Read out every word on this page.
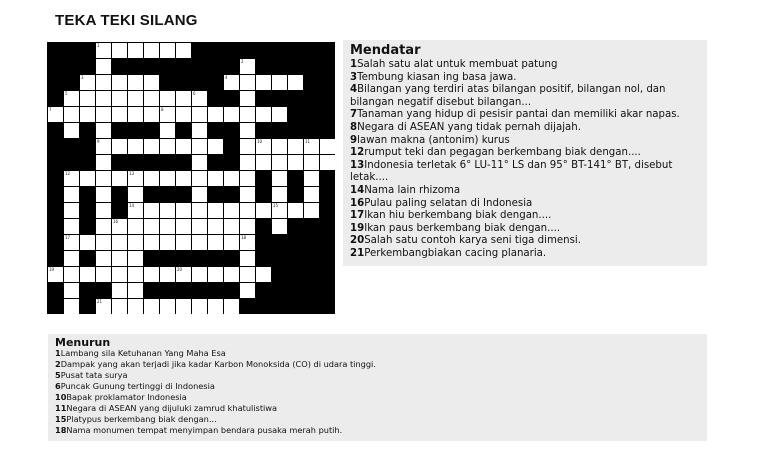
TEKA TEKI SILANG
1
2
3	4
5	6
7	8
9	10	11
12	13
14	15
16
17	18
19	20
21
Mendatar
1Salah satu alat untuk membuat patung
3Tembung kiasan ing basa jawa.
4Bilangan yang terdiri atas bilangan positif, bilangan nol, dan bilangan negatif disebut bilangan...
7Tanaman yang hidup di pesisir pantai dan memiliki akar napas.
8Negara di ASEAN yang tidak pernah dijajah.
9lawan makna (antonim) kurus
12rumput teki dan pegagan berkembang biak dengan....
13Indonesia terletak 6° LU-11° LS dan 95° BT-141° BT, disebut letak....
14Nama lain rhizoma
16Pulau paling selatan di Indonesia
17Ikan hiu berkembang biak dengan....
19Ikan paus berkembang biak dengan....
20Salah satu contoh karya seni tiga dimensi.
21Perkembangbiakan cacing planaria.
Menurun
1Lambang sila Ketuhanan Yang Maha Esa
2Dampak yang akan terjadi jika kadar Karbon Monoksida (CO) di udara tinggi.
5Pusat tata surya
6Puncak Gunung tertinggi di Indonesia
10Bapak proklamator Indonesia
11Negara di ASEAN yang dijuluki zamrud khatulistiwa
15Platypus berkembang biak dengan...
18Nama monumen tempat menyimpan bendara pusaka merah putih.
